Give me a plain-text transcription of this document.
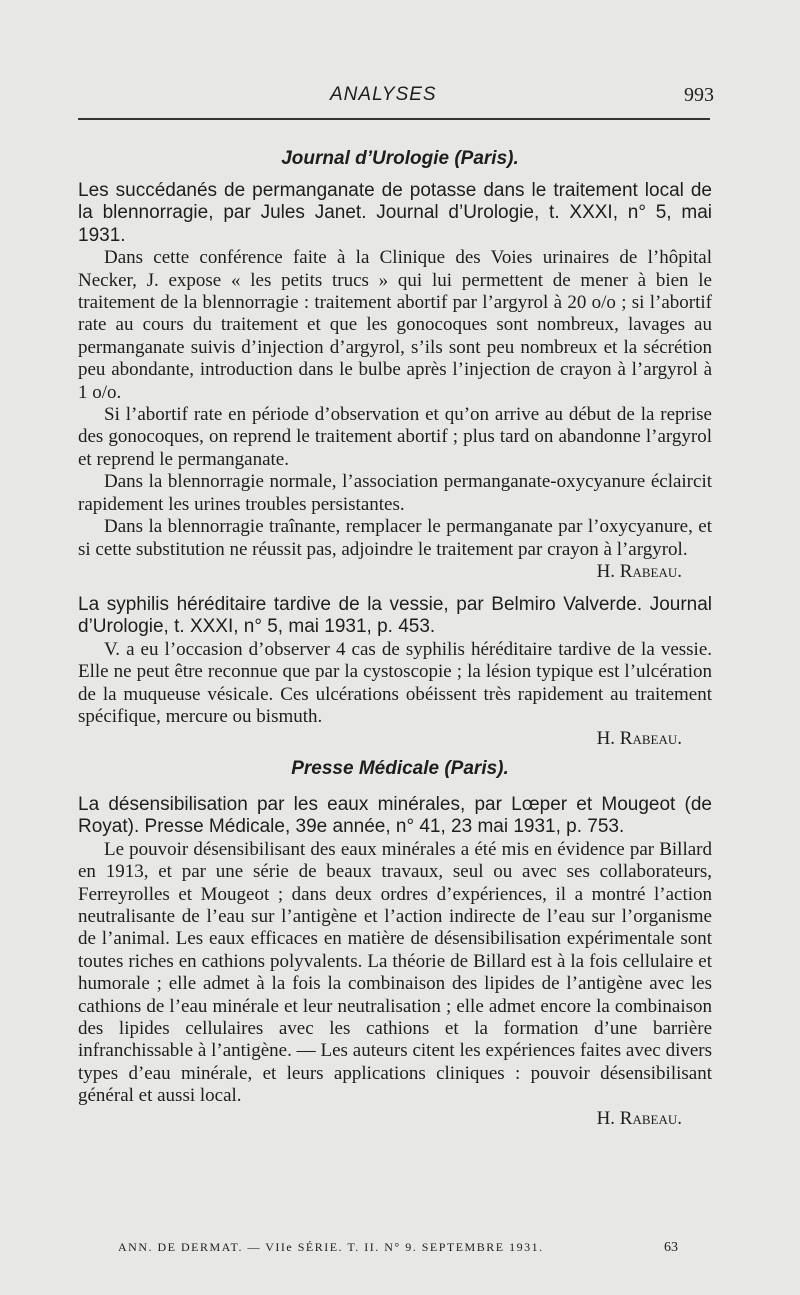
ANALYSES	993
Journal d’Urologie (Paris).
Les succédanés de permanganate de potasse dans le traitement local de la blennorragie, par Jules Janet. Journal d’Urologie, t. XXXI, n° 5, mai 1931.

Dans cette conférence faite à la Clinique des Voies urinaires de l’hôpital Necker, J. expose « les petits trucs » qui lui permettent de mener à bien le traitement de la blennorragie : traitement abortif par l’argyrol à 20 o/o ; si l’abortif rate au cours du traitement et que les gonocoques sont nombreux, lavages au permanganate suivis d’injection d’argyrol, s’ils sont peu nombreux et la sécrétion peu abondante, introduction dans le bulbe après l’injection de crayon à l’argyrol à 1 o/o.

Si l’abortif rate en période d’observation et qu’on arrive au début de la reprise des gonocoques, on reprend le traitement abortif ; plus tard on abandonne l’argyrol et reprend le permanganate.

Dans la blennorragie normale, l’association permanganate-oxycyanure éclaircit rapidement les urines troubles persistantes.

Dans la blennorragie traînante, remplacer le permanganate par l’oxycyanure, et si cette substitution ne réussit pas, adjoindre le traitement par crayon à l’argyrol.

H. Rabeau.
La syphilis héréditaire tardive de la vessie, par Belmiro Valverde. Journal d’Urologie, t. XXXI, n° 5, mai 1931, p. 453.

V. a eu l’occasion d’observer 4 cas de syphilis héréditaire tardive de la vessie. Elle ne peut être reconnue que par la cystoscopie ; la lésion typique est l’ulcération de la muqueuse vésicale. Ces ulcérations obéissent très rapidement au traitement spécifique, mercure ou bismuth.

H. Rabeau.
Presse Médicale (Paris).
La désensibilisation par les eaux minérales, par Lœper et Mougeot (de Royat). Presse Médicale, 39e année, n° 41, 23 mai 1931, p. 753.

Le pouvoir désensibilisant des eaux minérales a été mis en évidence par Billard en 1913, et par une série de beaux travaux, seul ou avec ses collaborateurs, Ferreyrolles et Mougeot ; dans deux ordres d’expériences, il a montré l’action neutralisante de l’eau sur l’antigène et l’action indirecte de l’eau sur l’organisme de l’animal. Les eaux efficaces en matière de désensibilisation expérimentale sont toutes riches en cathions polyvalents. La théorie de Billard est à la fois cellulaire et humorale ; elle admet à la fois la combinaison des lipides de l’antigène avec les cathions de l’eau minérale et leur neutralisation ; elle admet encore la combinaison des lipides cellulaires avec les cathions et la formation d’une barrière infranchissable à l’antigène. — Les auteurs citent les expériences faites avec divers types d’eau minérale, et leurs applications cliniques : pouvoir désensibilisant général et aussi local.

H. Rabeau.
ANN. DE DERMAT. — VIIe SÉRIE. T. II. N° 9. SEPTEMBRE 1931.	63
